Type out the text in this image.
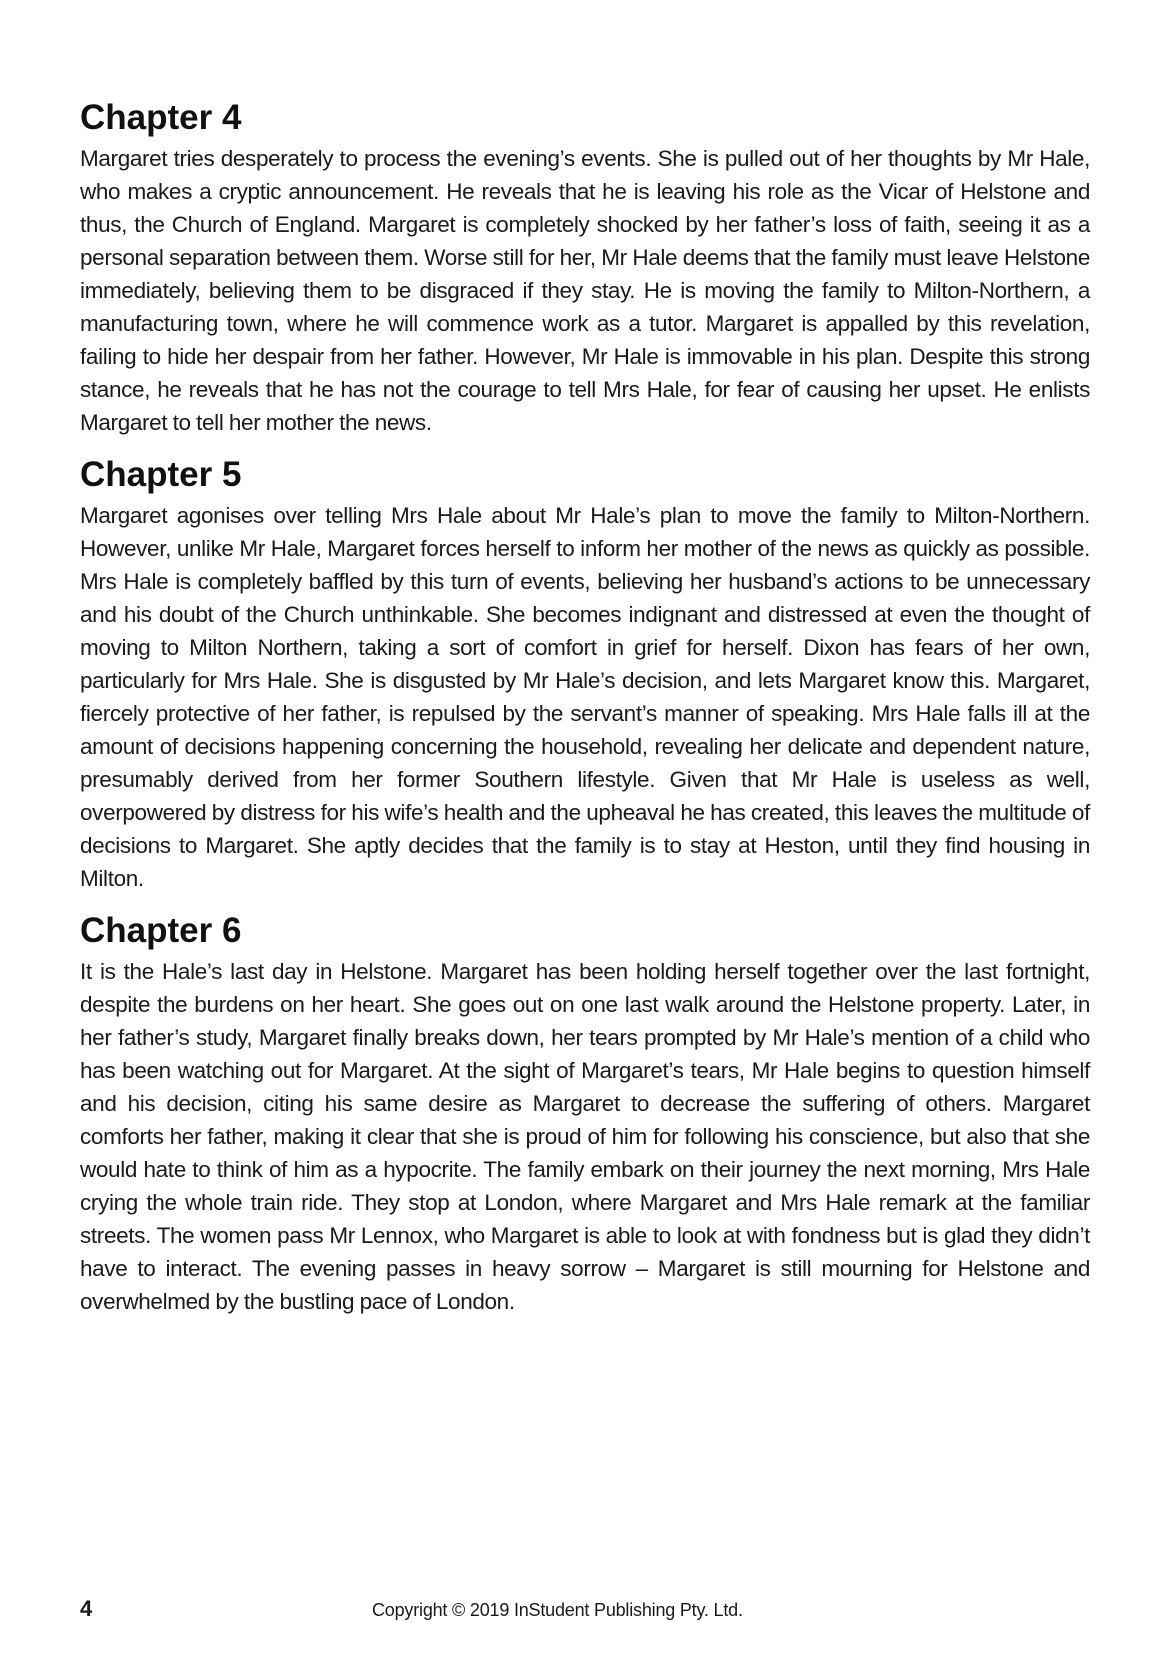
Chapter 4

Margaret tries desperately to process the evening’s events. She is pulled out of her thoughts by Mr Hale, who makes a cryptic announcement. He reveals that he is leaving his role as the Vicar of Helstone and thus, the Church of England. Margaret is completely shocked by her father’s loss of faith, seeing it as a personal separation between them. Worse still for her, Mr Hale deems that the family must leave Helstone immediately, believing them to be disgraced if they stay. He is moving the family to Milton-Northern, a manufacturing town, where he will commence work as a tutor. Margaret is appalled by this revelation, failing to hide her despair from her father. However, Mr Hale is immovable in his plan. Despite this strong stance, he reveals that he has not the courage to tell Mrs Hale, for fear of causing her upset. He enlists Margaret to tell her mother the news.

Chapter 5

Margaret agonises over telling Mrs Hale about Mr Hale’s plan to move the family to Milton-Northern. However, unlike Mr Hale, Margaret forces herself to inform her mother of the news as quickly as possible. Mrs Hale is completely baffled by this turn of events, believing her husband’s actions to be unnecessary and his doubt of the Church unthinkable. She becomes indignant and distressed at even the thought of moving to Milton Northern, taking a sort of comfort in grief for herself. Dixon has fears of her own, particularly for Mrs Hale. She is disgusted by Mr Hale’s decision, and lets Margaret know this. Margaret, fiercely protective of her father, is repulsed by the servant’s manner of speaking. Mrs Hale falls ill at the amount of decisions happening concerning the household, revealing her delicate and dependent nature, presumably derived from her former Southern lifestyle. Given that Mr Hale is useless as well, overpowered by distress for his wife’s health and the upheaval he has created, this leaves the multitude of decisions to Margaret. She aptly decides that the family is to stay at Heston, until they find housing in Milton.

Chapter 6

It is the Hale’s last day in Helstone. Margaret has been holding herself together over the last fortnight, despite the burdens on her heart. She goes out on one last walk around the Helstone property. Later, in her father’s study, Margaret finally breaks down, her tears prompted by Mr Hale’s mention of a child who has been watching out for Margaret. At the sight of Margaret’s tears, Mr Hale begins to question himself and his decision, citing his same desire as Margaret to decrease the suffering of others. Margaret comforts her father, making it clear that she is proud of him for following his conscience, but also that she would hate to think of him as a hypocrite. The family embark on their journey the next morning, Mrs Hale crying the whole train ride. They stop at London, where Margaret and Mrs Hale remark at the familiar streets. The women pass Mr Lennox, who Margaret is able to look at with fondness but is glad they didn’t have to interact. The evening passes in heavy sorrow – Margaret is still mourning for Helstone and overwhelmed by the bustling pace of London.

4	Copyright © 2019 InStudent Publishing Pty. Ltd.
